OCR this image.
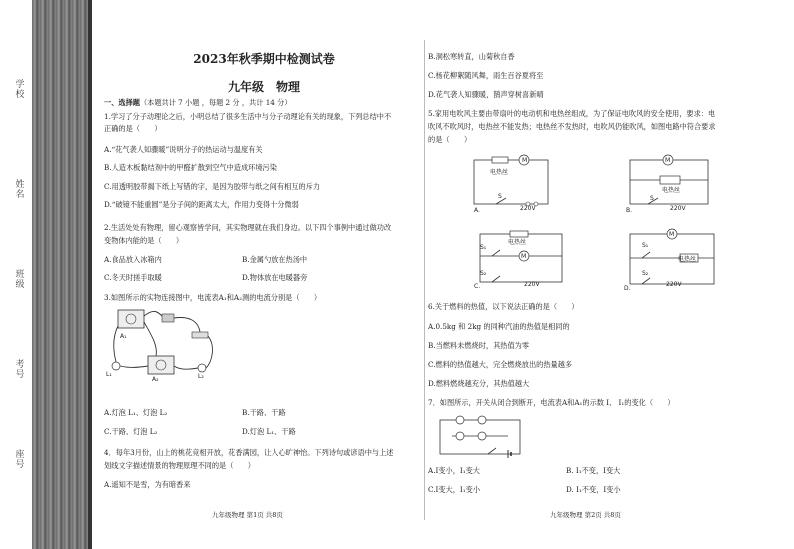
学校
姓名
班级
考号
座号
2023年秋季期中检测试卷
九年级　物理
一、选择题（本题共计 7 小题 ，每题 2 分 ，共计 14 分）
1.学习了分子动理论之后，小明总结了很多生活中与分子动理论有关的现象，下列总结中不
正确的是（　　）
A.“花气袭人知骤暖”说明分子的热运动与温度有关
B.人造木板黏结剂中的甲醛扩散到空气中造成环境污染
C.用透明胶带揭下纸上写错的字，是因为胶带与纸之间有相互的斥力
D.“破镜不能重圆”是分子间的距离太大，作用力变得十分微弱
2.生活处处有物理，留心观察皆学问，其实物理就在我们身边。以下四个事例中通过做功改
变物体内能的是（　　）
A.食品放入冰箱内	B.金属勺放在热汤中
C.冬天时搓手取暖	D.物体放在电暖器旁
3.如图所示的实物连接图中，电流表A₁和A₂测的电流分别是（　　）
A₁
A₂
L₁	L₂
A.灯泡 L₁、灯泡 L₂	B.干路、干路
C.干路、灯泡 L₂	D.灯泡 L₁、干路
4．每年3月份，山上的桃花竞相开放，花香满园，让人心旷神怡。下列诗句或谚语中与上述
划线文字描述情景的物理原理不同的是（　　）
A.遥知不是雪，为有暗香来
九年级物理 第1页 共8页
B.洞松寒转直，山菊秋自香
C.杨花柳絮随风舞，雨生百谷夏将至
D.花气袭人知骤暖，鹊声穿树喜新晴
5.家用电吹风主要由带扇叶的电动机和电热丝组成，为了保证电吹风的安全使用，要求：电
吹风不吹风时，电热丝不能发热；电热丝不发热时，电吹风仍能吹风，如图电路中符合要求
的是（　　）
M
电热丝
S
220V
A.
M
电热丝
S
220V
B.
电热丝
M
S₁
S₂
220V
C.
M
S₁
电热丝
S₂
220V
D.
6.关于燃料的热值，以下说法正确的是（　　）
A.0.5kg 和 2kg 的同种汽油的热值是相同的
B.当燃料未燃烧时，其热值为零
C.燃料的热值越大，完全燃烧放出的热量越多
D.燃料燃烧越充分，其热值越大
7．如图所示，开关从闭合到断开，电流表A和A₁的示数 I、 I₁的变化（　　）
A.I变小，I₁变大	B. I₁不变，I变大
C.I变大，I₁变小	D. I₁不变，I变小
九年级物理 第2页 共8页
